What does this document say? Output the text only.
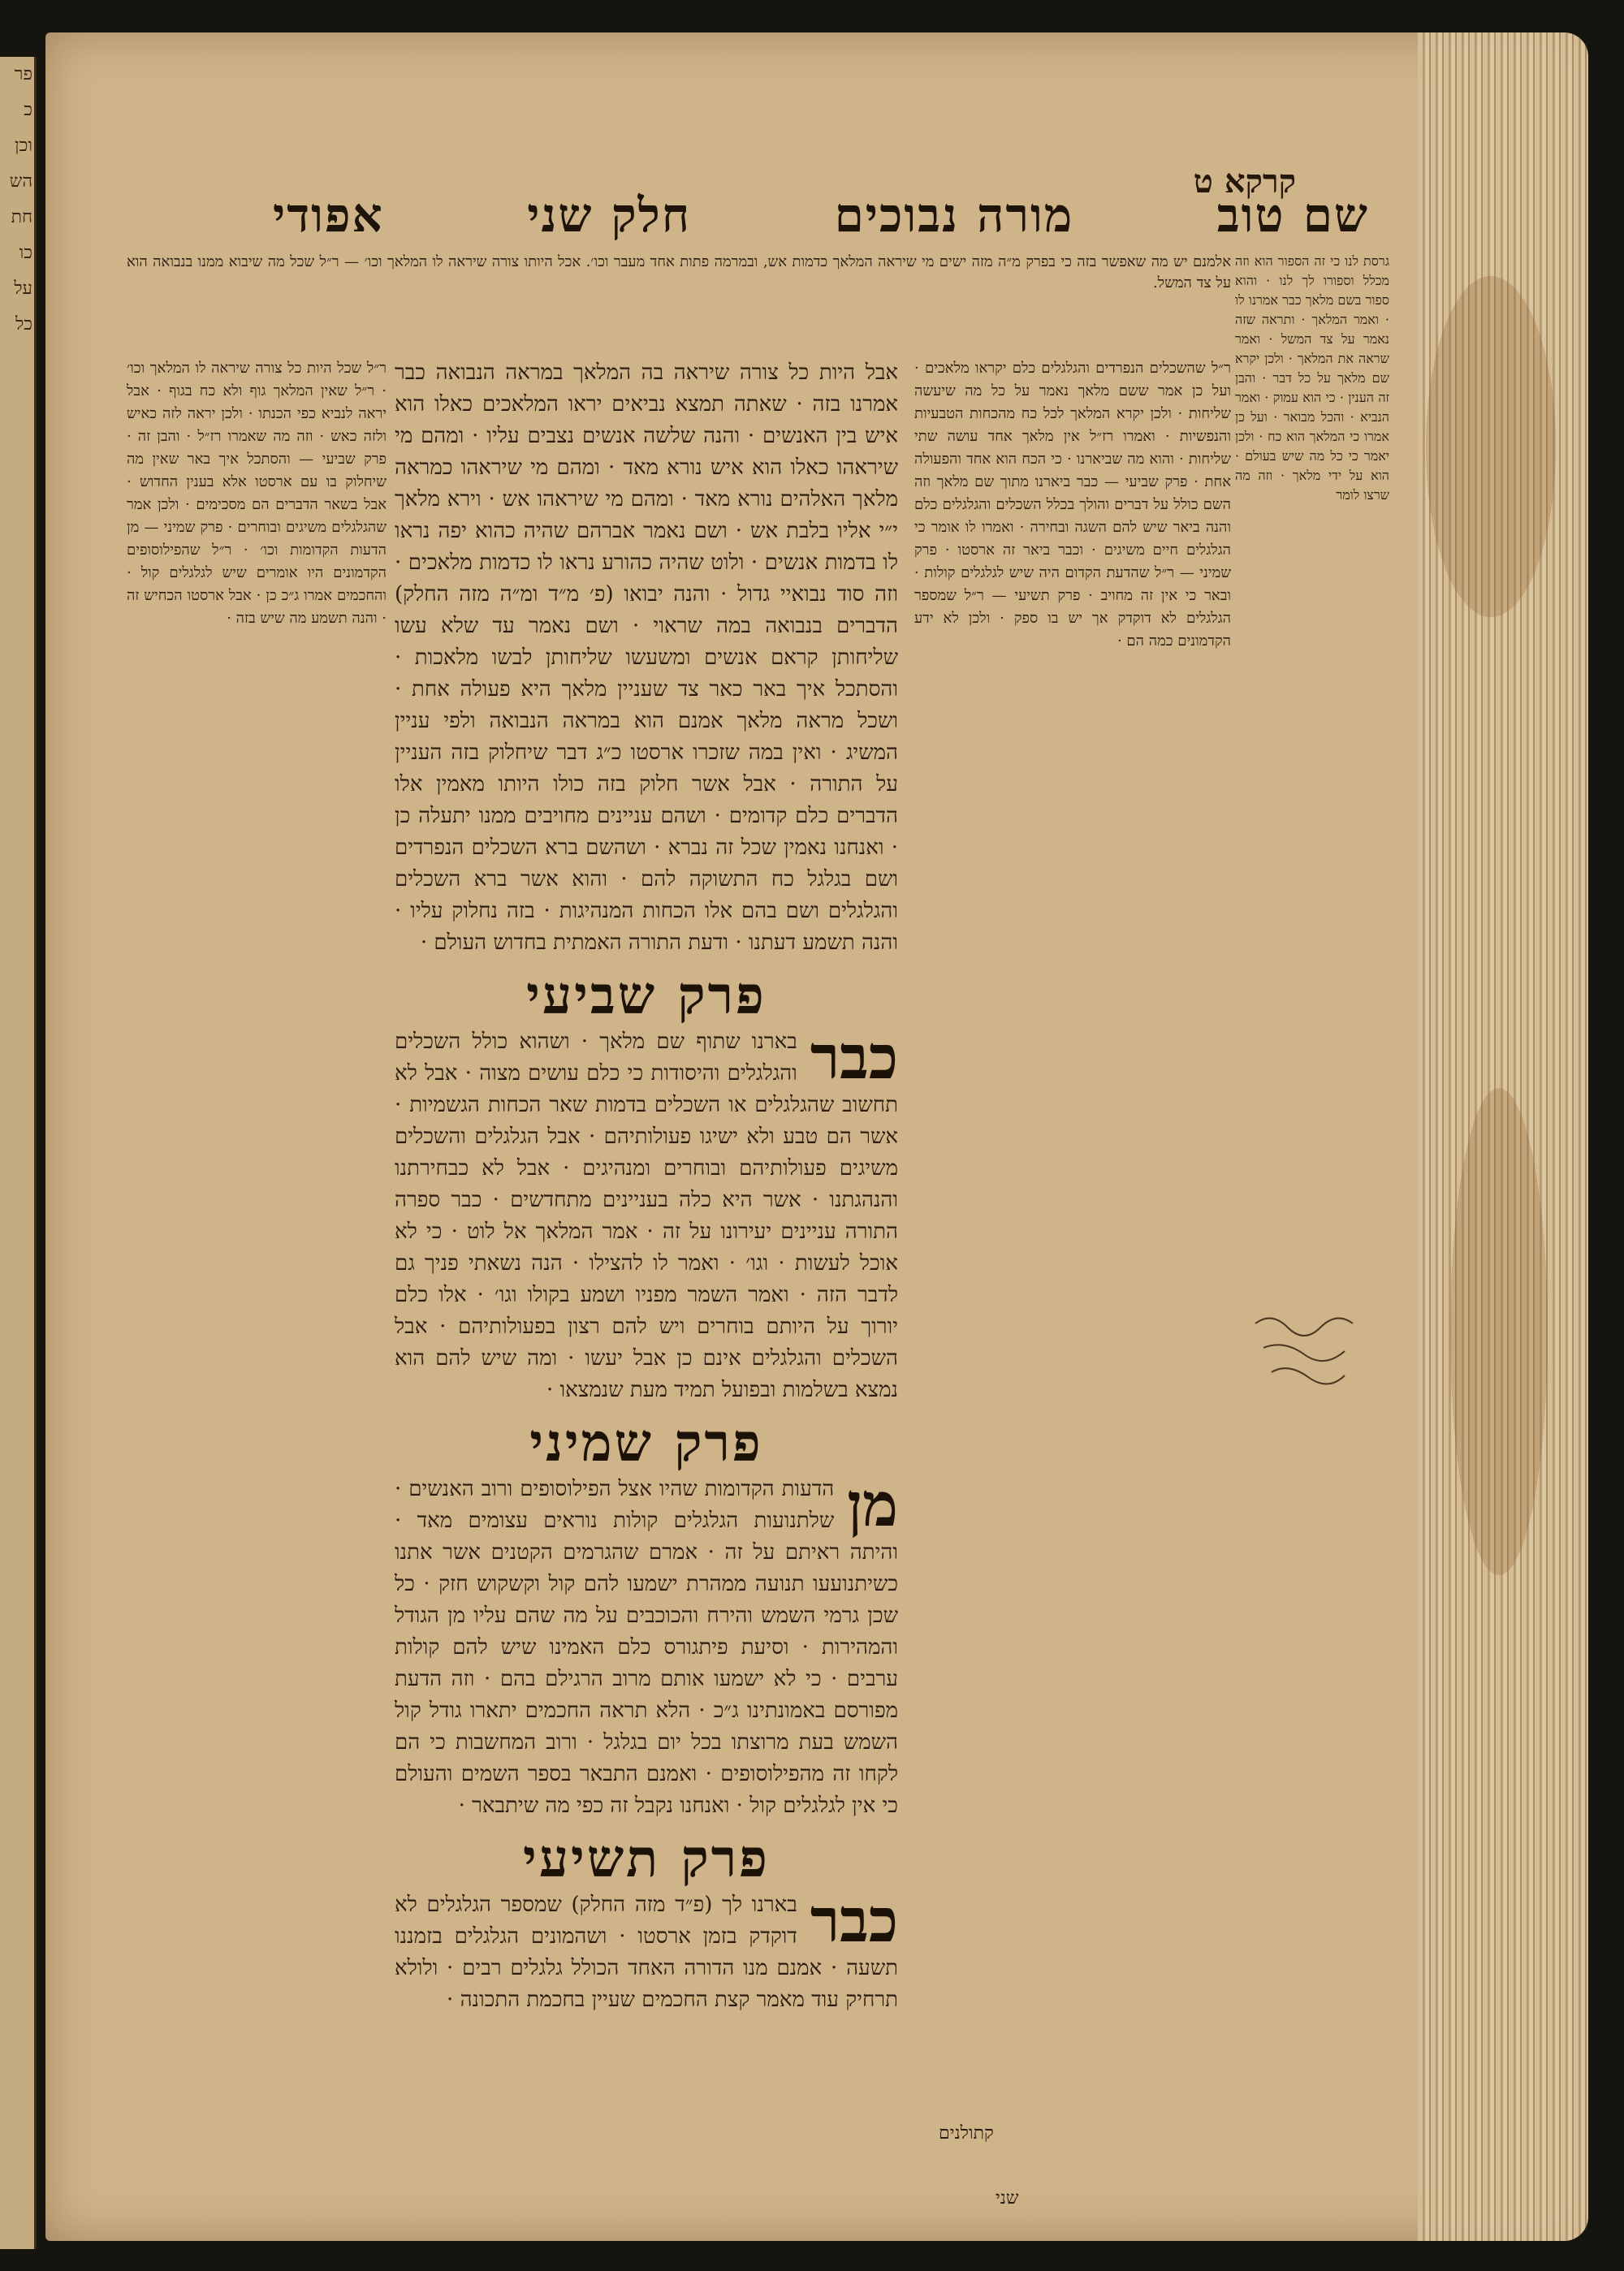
פר
כ
וכן
הש
חת
כו
על
כל
שם טוב
מורה נבוכים
חלק שני
אפודי
קרקא ט

אבל היות כל צורה שיראה בה המלאך במראה הנבואה כבר אמרנו בזה · שאתה תמצא נביאים יראו המלאכים כאלו הוא איש בין האנשים · והנה שלשה אנשים נצבים עליו · ומהם מי שיראהו כאלו הוא איש נורא מאד · ומהם מי שיראהו כמראה מלאך האלהים נורא מאד · ומהם מי שיראהו אש · וירא מלאך י״י אליו בלבת אש · ושם נאמר אברהם שהיה כהוא יפה נראו לו בדמות אנשים · ולוט שהיה כהורע נראו לו כדמות מלאכים · וזה סוד נבואיי גדול · והנה יבואו (פ׳ מ״ד ומ״ה מזה החלק) הדברים בנבואה במה שראוי · ושם נאמר עד שלא עשו שליחותן קראם אנשים ומשעשו שליחותן לבשו מלאכות · והסתכל איך באר כאר צד שעניין מלאך היא פעולה אחת · ושכל מראה מלאך אמנם הוא במראה הנבואה ולפי עניין המשיג · ואין במה שזכרו ארסטו כ״ג דבר שיחלוק בזה העניין על התורה · אבל אשר חלוק בזה כולו היותו מאמין אלו הדברים כלם קדומים · ושהם עניינים מחויבים ממנו יתעלה כן · ואנחנו נאמין שכל זה נברא · ושהשם ברא השכלים הנפרדים ושם בגלגל כח התשוקה להם · והוא אשר ברא השכלים והגלגלים ושם בהם אלו הכחות המנהיגות · בזה נחלוק עליו · והנה תשמע דעתנו · ודעת התורה האמתית בחדוש העולם ·

פרק שביעי

כבר
בארנו שתוף שם מלאך · ושהוא כולל השכלים והגלגלים והיסודות כי כלם עושים מצוה · אבל לא תחשוב שהגלגלים או השכלים בדמות שאר הכחות הגשמיות · אשר הם טבע ולא ישיגו פעולותיהם · אבל הגלגלים והשכלים משיגים פעולותיהם ובוחרים ומנהיגים · אבל לא כבחירתנו והנהגתנו · אשר היא כלה בעניינים מתחדשים · כבר ספרה התורה עניינים יעירונו על זה · אמר המלאך אל לוט · כי לא אוכל לעשות · וגו׳ · ואמר לו להצילו · הנה נשאתי פניך גם לדבר הזה · ואמר השמר מפניו ושמע בקולו וגו׳ · אלו כלם יורוך על היותם בוחרים ויש להם רצון בפעולותיהם · אבל השכלים והגלגלים אינם כן אבל יעשו · ומה שיש להם הוא נמצא בשלמות ובפועל תמיד מעת שנמצאו ·

פרק שמיני

מן
הדעות הקדומות שהיו אצל הפילוסופים ורוב האנשים · שלתנועות הגלגלים קולות נוראים עצומים מאד · והיתה ראיתם על זה · אמרם שהגרמים הקטנים אשר אתנו כשיתנועעו תנועה ממהרת ישמעו להם קול וקשקוש חזק · כל שכן גרמי השמש והירח והכוכבים על מה שהם עליו מן הגודל והמהירות · וסיעת פיתגורס כלם האמינו שיש להם קולות ערבים · כי לא ישמעו אותם מרוב הרגילם בהם · וזה הדעת מפורסם באמונתינו ג״כ · הלא תראה החכמים יתארו גודל קול השמש בעת מרוצתו בכל יום בגלגל · ורוב המחשבות כי הם לקחו זה מהפילוסופים · ואמנם התבאר בספר השמים והעולם כי אין לגלגלים קול · ואנחנו נקבל זה כפי מה שיתבאר ·

פרק תשיעי

כבר
בארנו לך (פ״ד מזה החלק) שמספר הגלגלים לא דוקדק בזמן ארסטו · ושהמונים הגלגלים בזמננו תשעה · אמנם מנו הדורה האחד הכולל גלגלים רבים · ולולא תרחיק עוד מאמר קצת החכמים שעיין בחכמת התכונה ·

ר״ל שהשכלים הנפרדים והגלגלים כלם יקראו מלאכים · ועל כן אמר ששם מלאך נאמר על כל מה שיעשה שליחות · ולכן יקרא המלאך לכל כח מהכחות הטבעיות והנפשיות · ואמרו רז״ל אין מלאך אחד עושה שתי שליחות · והוא מה שביארנו · כי הכח הוא אחד והפעולה אחת · פרק שביעי — כבר ביארנו מתוך שם מלאך וזה השם כולל על דברים והולך בכלל השכלים והגלגלים כלם והנה ביאר שיש להם השגה ובחירה · ואמרו לו אומר כי הגלגלים חיים משיגים · וכבר ביאר זה ארסטו · פרק שמיני — ר״ל שהדעת הקדום היה שיש לגלגלים קולות · ובאר כי אין זה מחויב · פרק תשיעי — ר״ל שמספר הגלגלים לא דוקדק אך יש בו ספק · ולכן לא ידע הקדמונים כמה הם ·
ר״ל שכל היות כל צורה שיראה לו המלאך וכו׳ · ר״ל שאין המלאך גוף ולא כח בגוף · אבל יראה לנביא כפי הכנתו · ולכן יראה לזה כאיש ולזה כאש · וזה מה שאמרו רז״ל · והבן זה · פרק שביעי — והסתכל איך באר שאין מה שיחלוק בו עם ארסטו אלא בענין החדוש · אבל בשאר הדברים הם מסכימים · ולכן אמר שהגלגלים משיגים ובוחרים · פרק שמיני — מן הדעות הקדומות וכו׳ · ר״ל שהפילוסופים הקדמונים היו אומרים שיש לגלגלים קול · והחכמים אמרו ג״כ כן · אבל ארסטו הכחיש זה · והנה תשמע מה שיש בזה ·
גרסת לנו כי זה הספור הוא וזה מכלל וספורו לך לנו · והוא ספור בשם מלאך כבר אמרנו לו · ואמר המלאך · ותראה שזה נאמר על צד המשל · ואמר שראה את המלאך · ולכן יקרא שם מלאך על כל דבר · והבן זה הענין · כי הוא עמוק · ואמר הנביא · והכל מבואר · ועל כן אמרו כי המלאך הוא כח · ולכן יאמר כי כל מה שיש בעולם · הוא על ידי מלאך · וזה מה שרצו לומר
אלמנם יש מה שאפשר בזה כי בפרק מ״ה מזה ישים מי שיראה המלאך כדמות אש, ובמרמה פתות אחד מעבר וכו׳. אכל היותו צורה שיראה לו המלאך וכו׳ — ר״ל שכל מה שיבוא ממנו בנבואה הוא על צד המשל.
שני
קתולנים
